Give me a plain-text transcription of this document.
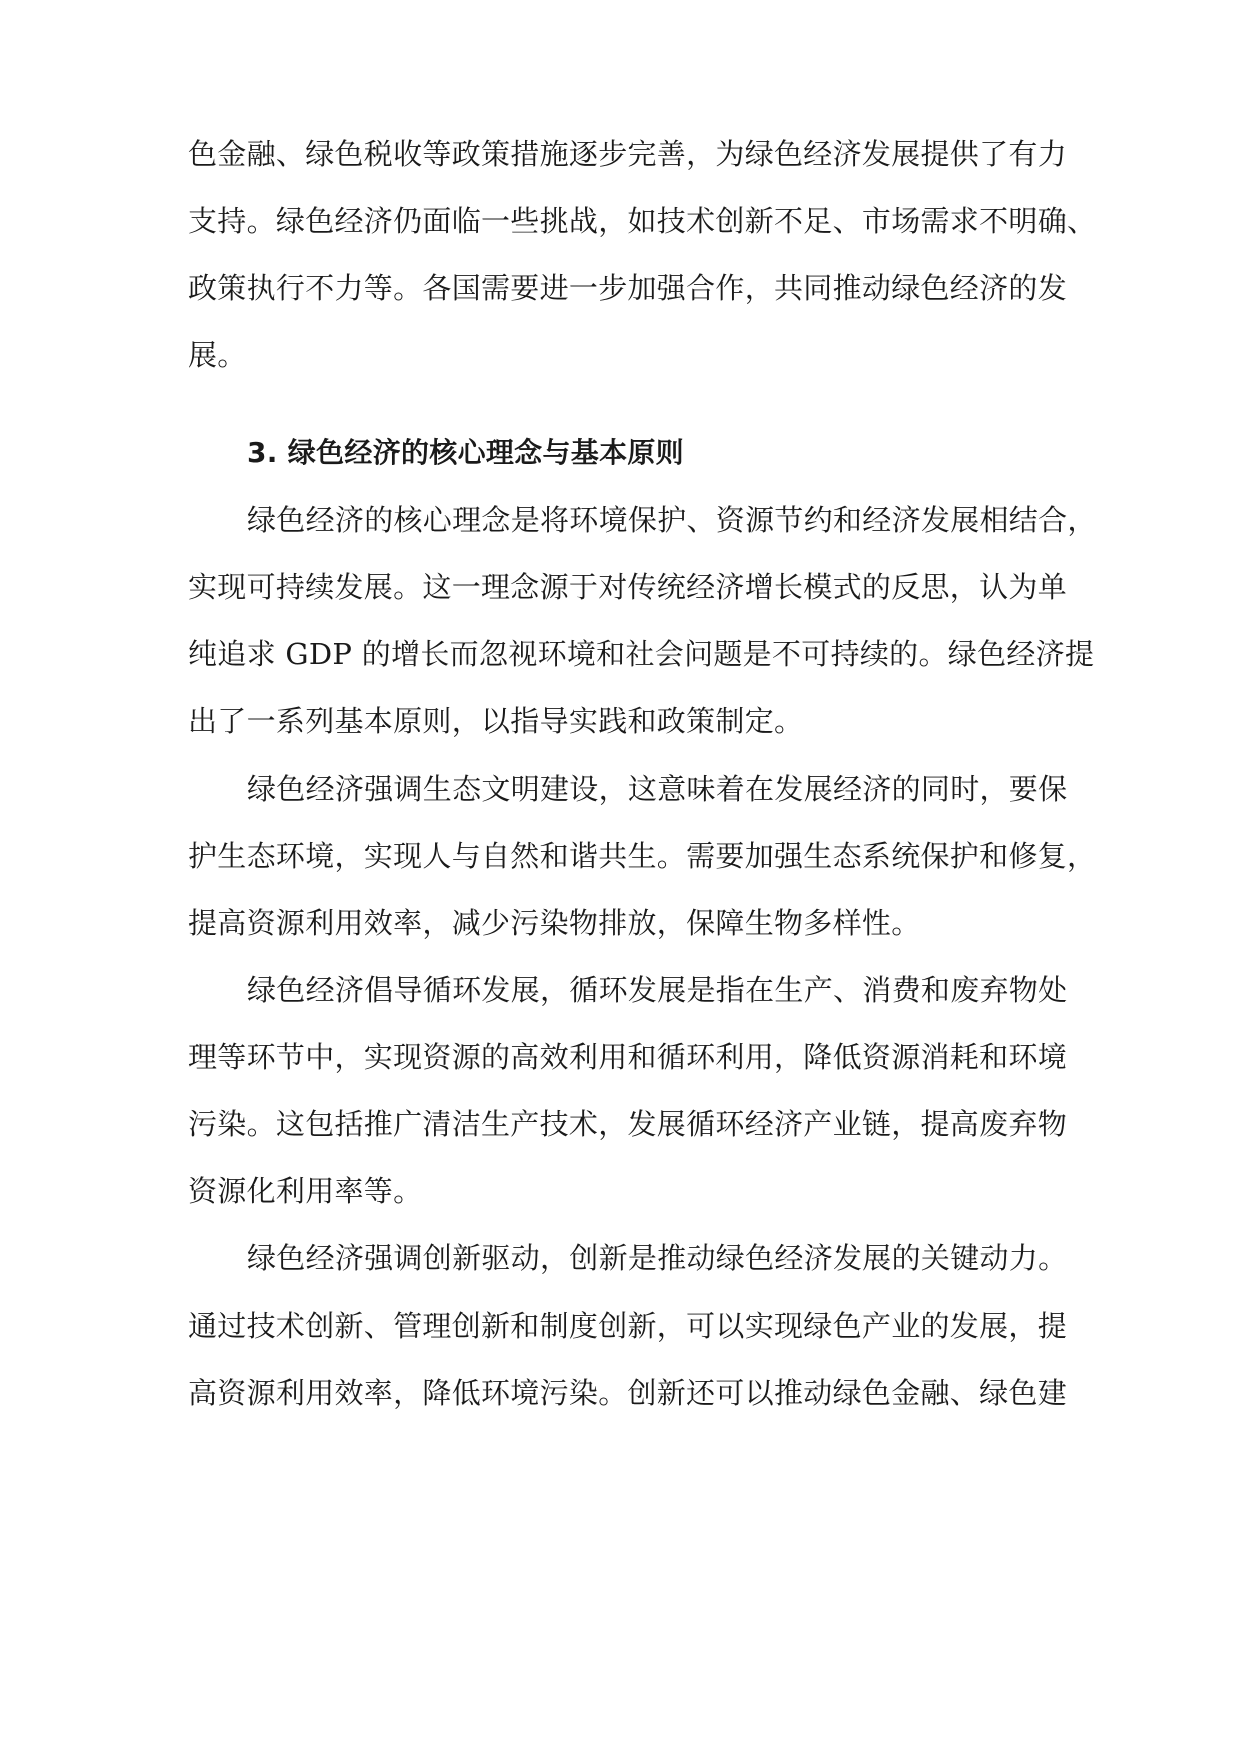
色金融、绿色税收等政策措施逐步完善，为绿色经济发展提供了有力
支持。绿色经济仍面临一些挑战，如技术创新不足、市场需求不明确、
政策执行不力等。各国需要进一步加强合作，共同推动绿色经济的发
展。
3. 绿色经济的核心理念与基本原则
绿色经济的核心理念是将环境保护、资源节约和经济发展相结合，
实现可持续发展。这一理念源于对传统经济增长模式的反思，认为单
纯追求 GDP 的增长而忽视环境和社会问题是不可持续的。绿色经济提
出了一系列基本原则，以指导实践和政策制定。
绿色经济强调生态文明建设，这意味着在发展经济的同时，要保
护生态环境，实现人与自然和谐共生。需要加强生态系统保护和修复，
提高资源利用效率，减少污染物排放，保障生物多样性。
绿色经济倡导循环发展，循环发展是指在生产、消费和废弃物处
理等环节中，实现资源的高效利用和循环利用，降低资源消耗和环境
污染。这包括推广清洁生产技术，发展循环经济产业链，提高废弃物
资源化利用率等。
绿色经济强调创新驱动，创新是推动绿色经济发展的关键动力。
通过技术创新、管理创新和制度创新，可以实现绿色产业的发展，提
高资源利用效率，降低环境污染。创新还可以推动绿色金融、绿色建
